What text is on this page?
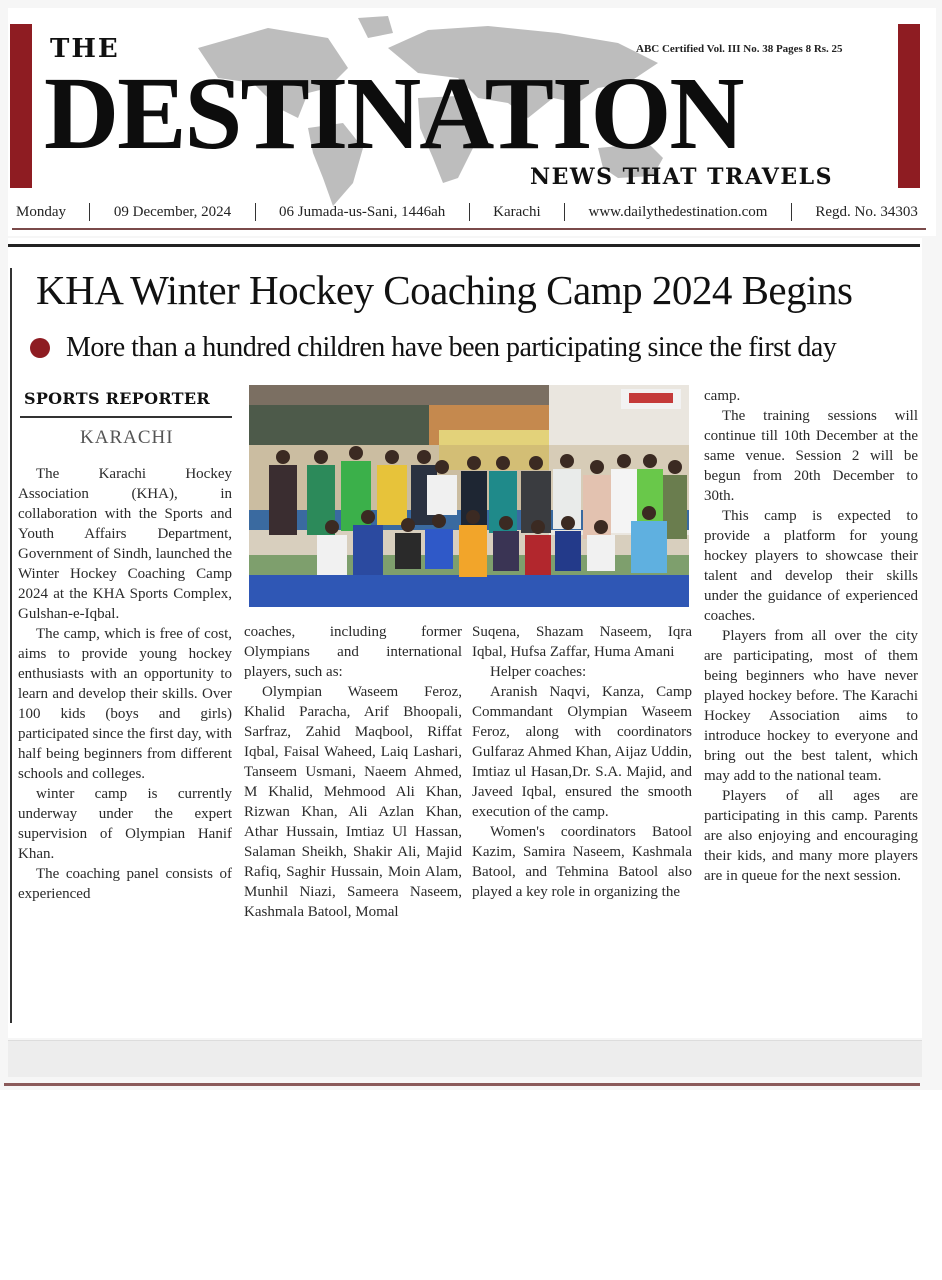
THE	ABC Certified Vol. III No. 38 Pages 8 Rs. 25
DESTINATION
NEWS THAT TRAVELS
Monday	09 December, 2024	06 Jumada-us-Sani, 1446ah	Karachi	www.dailythedestination.com	Regd. No. 34303
KHA Winter Hockey Coaching Camp 2024 Begins
More than a hundred children have been participating since the first day
SPORTS REPORTER
KARACHI

The Karachi Hockey Association (KHA), in collaboration with the Sports and Youth Affairs Department, Government of Sindh, launched the Winter Hockey Coaching Camp 2024 at the KHA Sports Complex, Gulshan-e-Iqbal.

The camp, which is free of cost, aims to provide young hockey enthusiasts with an opportunity to learn and develop their skills. Over 100 kids (boys and girls) participated since the first day, with half being beginners from different schools and colleges.

winter camp is currently underway under the expert supervision of Olympian Hanif Khan.

The coaching panel consists of experienced

coaches, including former Olympians and international players, such as:

Olympian Waseem Feroz, Khalid Paracha, Arif Bhoopali, Sarfraz, Zahid Maqbool, Riffat Iqbal, Faisal Waheed, Laiq Lashari, Tanseem Usmani, Naeem Ahmed, M Khalid, Mehmood Ali Khan, Rizwan Khan, Ali Azlan Khan, Athar Hussain, Imtiaz Ul Hassan, Salaman Sheikh, Shakir Ali, Majid Rafiq, Saghir Hussain, Moin Alam, Munhil Niazi, Sameera Naseem, Kashmala Batool, Momal

Suqena, Shazam Naseem, Iqra Iqbal, Hufsa Zaffar, Huma Amani

Helper coaches:

Aranish Naqvi, Kanza, Camp Commandant Olympian Waseem Feroz, along with coordinators Gulfaraz Ahmed Khan, Aijaz Uddin, Imtiaz ul Hasan,Dr. S.A. Majid, and Javeed Iqbal, ensured the smooth execution of the camp.

Women's coordinators Batool Kazim, Samira Naseem, Kashmala Batool, and Tehmina Batool also played a key role in organizing the

camp.

The training sessions will continue till 10th December at the same venue. Session 2 will be begun from 20th December to 30th.

This camp is expected to provide a platform for young hockey players to showcase their talent and develop their skills under the guidance of experienced coaches.

Players from all over the city are participating, most of them being beginners who have never played hockey before. The Karachi Hockey Association aims to introduce hockey to everyone and bring out the best talent, which may add to the national team.

Players of all ages are participating in this camp. Parents are also enjoying and encouraging their kids, and many more players are in queue for the next session.
